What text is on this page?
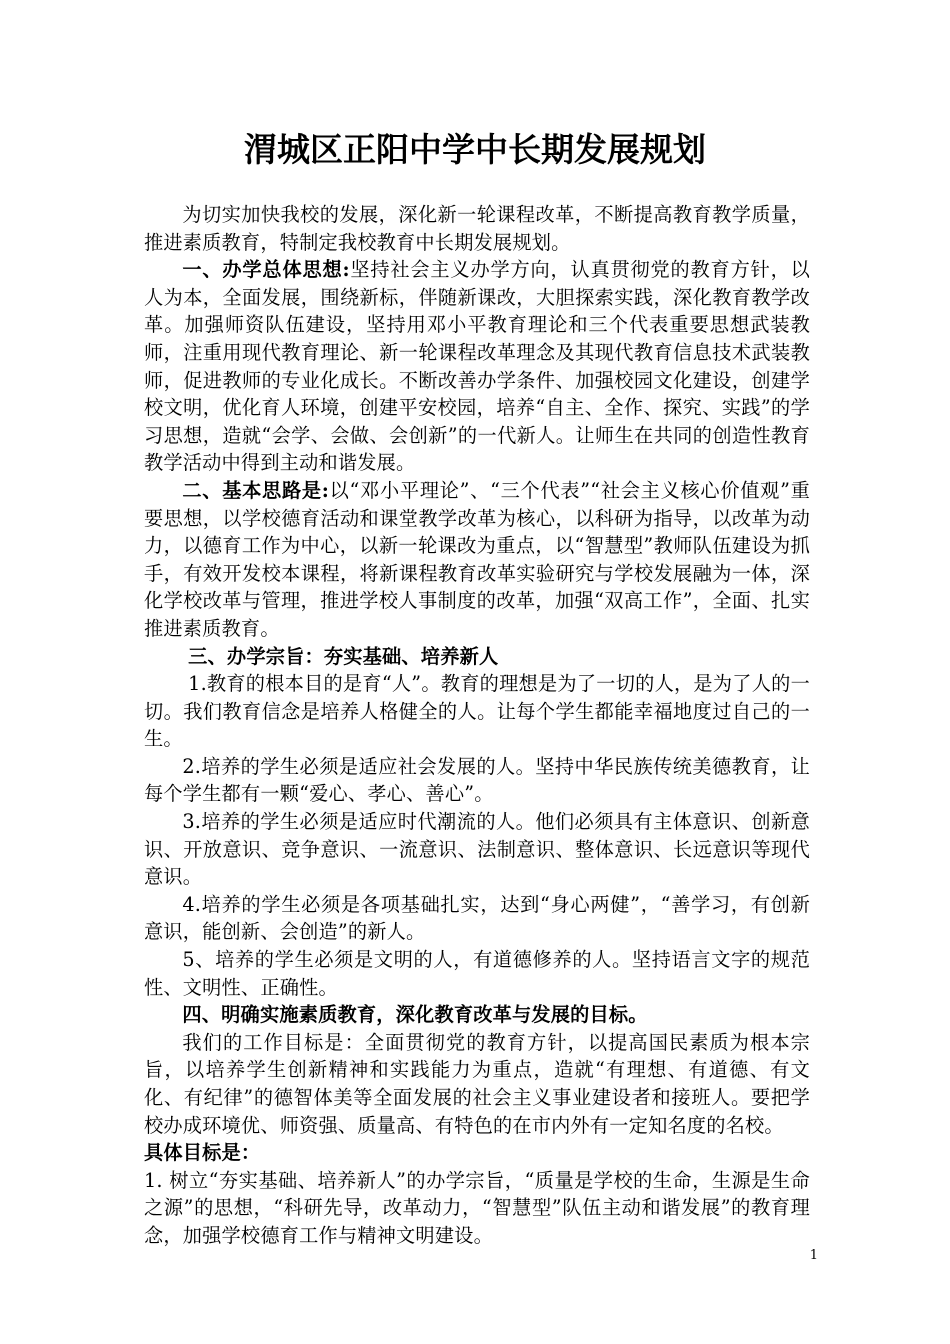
渭城区正阳中学中长期发展规划

为切实加快我校的发展，深化新一轮课程改革，不断提高教育教学质量，推进素质教育，特制定我校教育中长期发展规划。

一、办学总体思想:坚持社会主义办学方向，认真贯彻党的教育方针，以人为本，全面发展，围绕新标，伴随新课改，大胆探索实践，深化教育教学改革。加强师资队伍建设，坚持用邓小平教育理论和三个代表重要思想武装教师，注重用现代教育理论、新一轮课程改革理念及其现代教育信息技术武装教师，促进教师的专业化成长。不断改善办学条件、加强校园文化建设，创建学校文明，优化育人环境，创建平安校园，培养“自主、全作、探究、实践”的学习思想，造就“会学、会做、会创新”的一代新人。让师生在共同的创造性教育教学活动中得到主动和谐发展。

二、基本思路是:以“邓小平理论”、“三个代表”“社会主义核心价值观”重要思想，以学校德育活动和课堂教学改革为核心，以科研为指导，以改革为动力，以德育工作为中心，以新一轮课改为重点，以“智慧型”教师队伍建设为抓手，有效开发校本课程，将新课程教育改革实验研究与学校发展融为一体，深化学校改革与管理，推进学校人事制度的改革，加强“双高工作”，全面、扎实推进素质教育。

三、办学宗旨：夯实基础、培养新人

1.教育的根本目的是育“人”。教育的理想是为了一切的人，是为了人的一切。我们教育信念是培养人格健全的人。让每个学生都能幸福地度过自己的一生。

2.培养的学生必须是适应社会发展的人。坚持中华民族传统美德教育，让每个学生都有一颗“爱心、孝心、善心”。

3.培养的学生必须是适应时代潮流的人。他们必须具有主体意识、创新意识、开放意识、竞争意识、一流意识、法制意识、整体意识、长远意识等现代意识。

4.培养的学生必须是各项基础扎实，达到“身心两健”，“善学习，有创新意识，能创新、会创造”的新人。

5、培养的学生必须是文明的人，有道德修养的人。坚持语言文字的规范性、文明性、正确性。

四、明确实施素质教育，深化教育改革与发展的目标。

我们的工作目标是：全面贯彻党的教育方针，以提高国民素质为根本宗旨，以培养学生创新精神和实践能力为重点，造就“有理想、有道德、有文化、有纪律”的德智体美等全面发展的社会主义事业建设者和接班人。要把学校办成环境优、师资强、质量高、有特色的在市内外有一定知名度的名校。

具体目标是：

1. 树立“夯实基础、培养新人”的办学宗旨，“质量是学校的生命，生源是生命之源”的思想，“科研先导，改革动力，“智慧型”队伍主动和谐发展”的教育理念，加强学校德育工作与精神文明建设。

1
